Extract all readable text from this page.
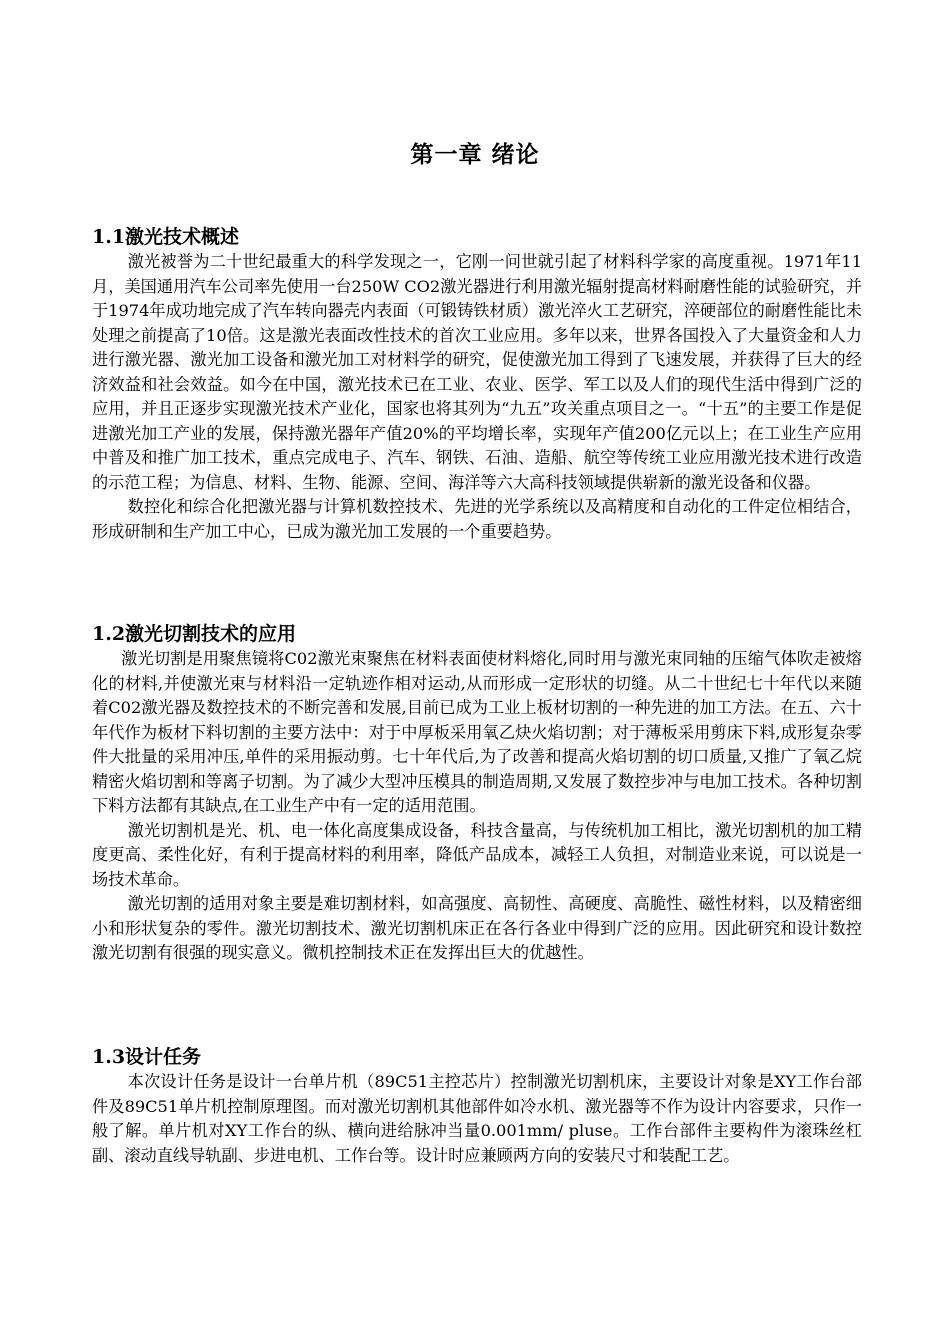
第一章 绪论
1.1激光技术概述

激光被誉为二十世纪最重大的科学发现之一，它刚一问世就引起了材料科学家的高度重视。1971年11月，美国通用汽车公司率先使用一台250W CO2激光器进行利用激光辐射提高材料耐磨性能的试验研究，并于1974年成功地完成了汽车转向器壳内表面（可锻铸铁材质）激光淬火工艺研究，淬硬部位的耐磨性能比未处理之前提高了10倍。这是激光表面改性技术的首次工业应用。多年以来，世界各国投入了大量资金和人力进行激光器、激光加工设备和激光加工对材料学的研究，促使激光加工得到了飞速发展，并获得了巨大的经济效益和社会效益。如今在中国，激光技术已在工业、农业、医学、军工以及人们的现代生活中得到广泛的应用，并且正逐步实现激光技术产业化，国家也将其列为“九五”攻关重点项目之一。“十五”的主要工作是促进激光加工产业的发展，保持激光器年产值20%的平均增长率，实现年产值200亿元以上；在工业生产应用中普及和推广加工技术，重点完成电子、汽车、钢铁、石油、造船、航空等传统工业应用激光技术进行改造的示范工程；为信息、材料、生物、能源、空间、海洋等六大高科技领域提供崭新的激光设备和仪器。

数控化和综合化把激光器与计算机数控技术、先进的光学系统以及高精度和自动化的工件定位相结合，形成研制和生产加工中心，已成为激光加工发展的一个重要趋势。

1.2激光切割技术的应用

激光切割是用聚焦镜将C02激光束聚焦在材料表面使材料熔化,同时用与激光束同轴的压缩气体吹走被熔化的材料,并使激光束与材料沿一定轨迹作相对运动,从而形成一定形状的切缝。从二十世纪七十年代以来随着C02激光器及数控技术的不断完善和发展,目前已成为工业上板材切割的一种先进的加工方法。在五、六十年代作为板材下料切割的主要方法中：对于中厚板采用氧乙炔火焰切割；对于薄板采用剪床下料,成形复杂零件大批量的采用冲压,单件的采用振动剪。七十年代后,为了改善和提高火焰切割的切口质量,又推广了氧乙烷精密火焰切割和等离子切割。为了减少大型冲压模具的制造周期,又发展了数控步冲与电加工技术。各种切割下料方法都有其缺点,在工业生产中有一定的适用范围。

激光切割机是光、机、电一体化高度集成设备，科技含量高，与传统机加工相比，激光切割机的加工精度更高、柔性化好，有利于提高材料的利用率，降低产品成本，减轻工人负担，对制造业来说，可以说是一场技术革命。

激光切割的适用对象主要是难切割材料，如高强度、高韧性、高硬度、高脆性、磁性材料，以及精密细小和形状复杂的零件。激光切割技术、激光切割机床正在各行各业中得到广泛的应用。因此研究和设计数控激光切割有很强的现实意义。微机控制技术正在发挥出巨大的优越性。

1.3设计任务

本次设计任务是设计一台单片机（89C51主控芯片）控制激光切割机床，主要设计对象是XY工作台部件及89C51单片机控制原理图。而对激光切割机其他部件如冷水机、激光器等不作为设计内容要求，只作一般了解。单片机对XY工作台的纵、横向进给脉冲当量0.001mm/ pluse。工作台部件主要构件为滚珠丝杠副、滚动直线导轨副、步进电机、工作台等。设计时应兼顾两方向的安装尺寸和装配工艺。
